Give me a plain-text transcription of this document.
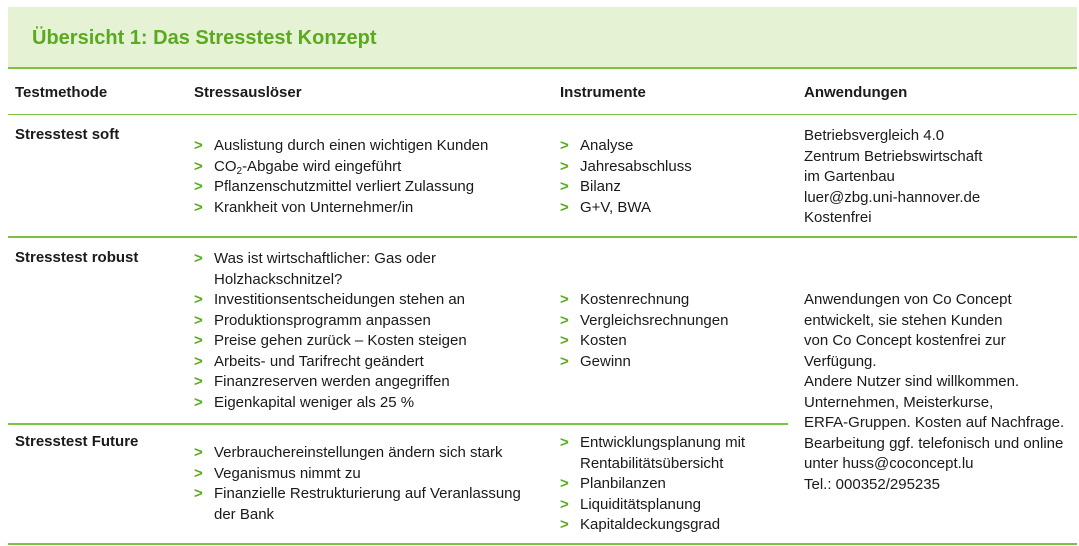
Übersicht 1: Das Stresstest Konzept
Testmethode	Stressauslöser	Instrumente	Anwendungen
Stresstest soft
> Auslistung durch einen wichtigen Kunden
> $CO_2$-Abgabe wird eingeführt
> Pflanzenschutzmittel verliert Zulassung
> Krankheit von Unternehmer/in
> Analyse
> Jahresabschluss
> Bilanz
> G+V, BWA
Betriebsvergleich 4.0
Zentrum Betriebswirtschaft
im Gartenbau
luer@zbg.uni-hannover.de
Kostenfrei
Stresstest robust
>	Was ist wirtschaftlicher: Gas oder Holzhackschnitzel?
> Investitionsentscheidungen stehen an
> Produktionsprogramm anpassen
> Preise gehen zurück – Kosten steigen
> Arbeits- und Tarifrecht geändert
> Finanzreserven werden angegriffen
> Eigenkapital weniger als 25 %
> Kostenrechnung
> Vergleichsrechnungen
> Kosten
> Gewinn
Anwendungen von Co Concept
entwickelt, sie stehen Kunden
von Co Concept kostenfrei zur
Verfügung.
Andere Nutzer sind willkommen.
Unternehmen, Meisterkurse,
ERFA-Gruppen. Kosten auf Nachfrage.
Bearbeitung ggf. telefonisch und online
unter huss@coconcept.lu
Tel.: 000352/295235
Stresstest Future
> Verbrauchereinstellungen ändern sich stark
> Veganismus nimmt zu
> Finanzielle Restrukturierung auf Veranlassung der Bank
> Entwicklungsplanung mit Rentabilitätsübersicht
> Planbilanzen
> Liquiditätsplanung
> Kapitaldeckungsgrad
